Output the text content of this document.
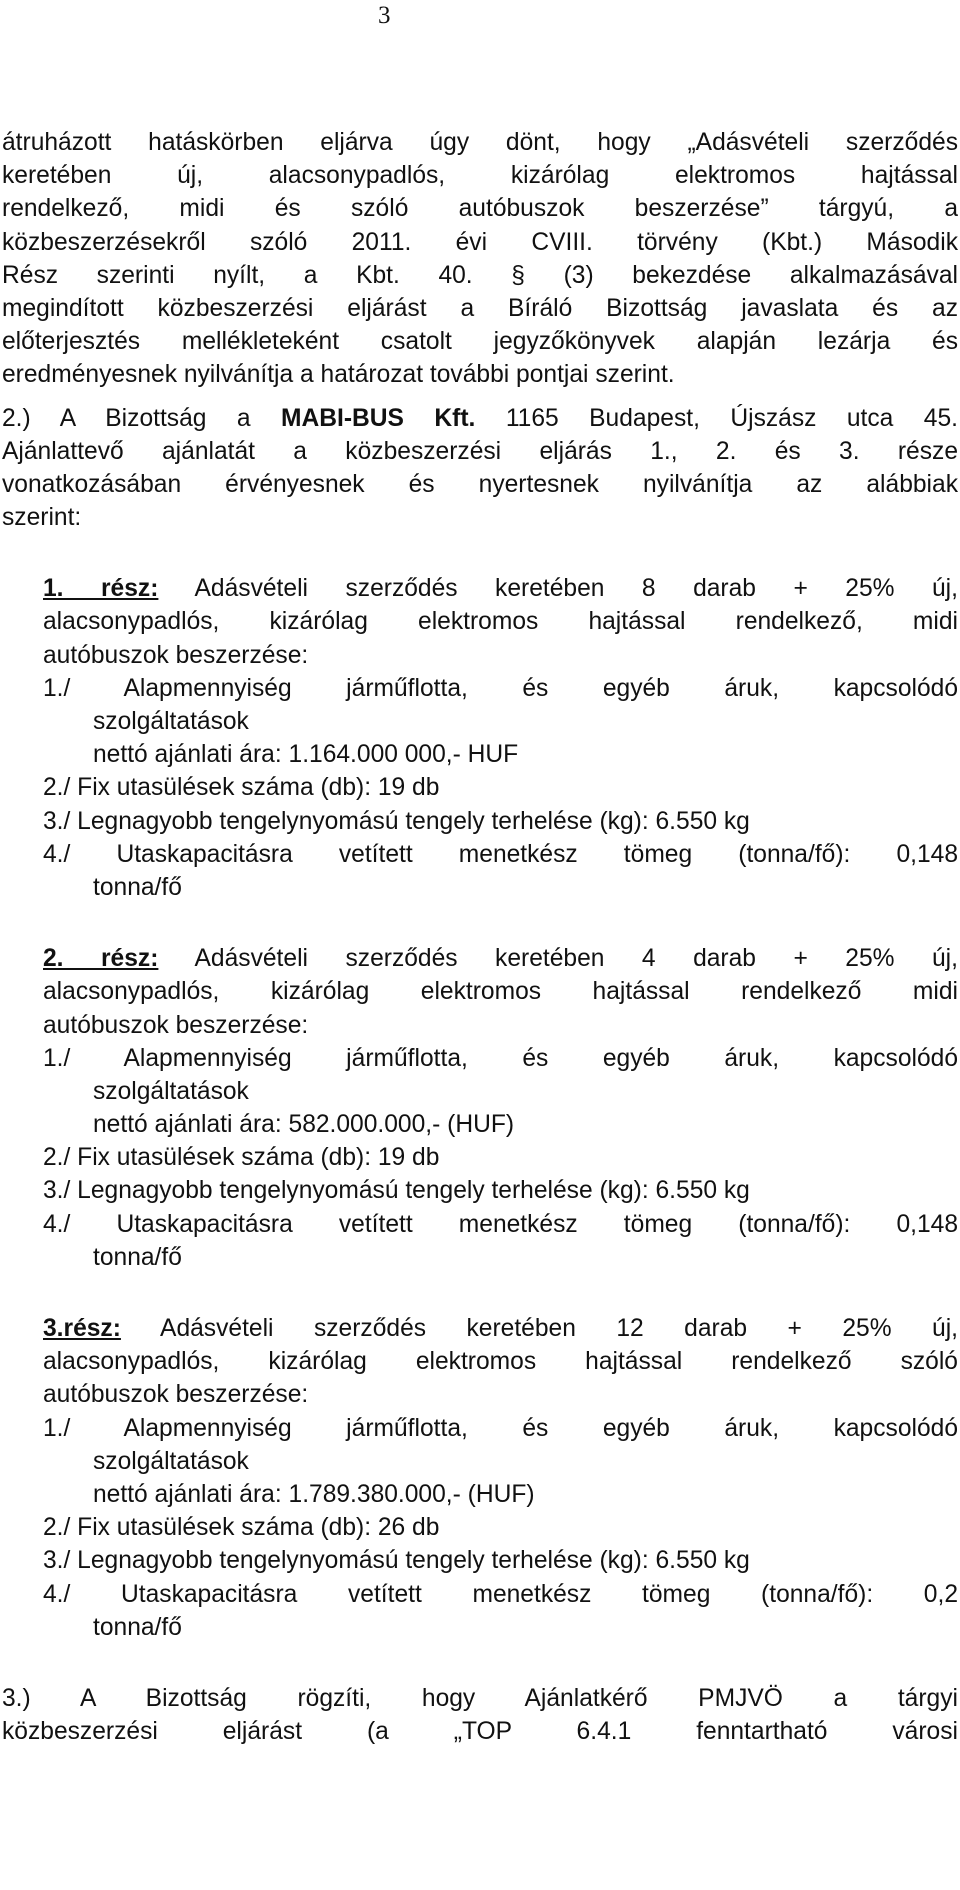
3
átruházott hatáskörben eljárva úgy dönt, hogy „Adásvételi szerződés
keretében új, alacsonypadlós, kizárólag elektromos hajtással
rendelkező, midi és szóló autóbuszok beszerzése” tárgyú, a
közbeszerzésekről szóló 2011. évi CVIII. törvény (Kbt.) Második
Rész szerinti nyílt, a Kbt. 40. § (3) bekezdése alkalmazásával
megindított közbeszerzési eljárást a Bíráló Bizottság javaslata és az
előterjesztés mellékleteként csatolt jegyzőkönyvek alapján lezárja és
eredményesnek nyilvánítja a határozat további pontjai szerint.
2.) A Bizottság a MABI-BUS Kft. 1165 Budapest, Újszász utca 45.
Ajánlattevő ajánlatát a közbeszerzési eljárás 1., 2. és 3. része
vonatkozásában érvényesnek és nyertesnek nyilvánítja az alábbiak
szerint:
1. rész: Adásvételi szerződés keretében 8 darab + 25% új,
alacsonypadlós, kizárólag elektromos hajtással rendelkező, midi
autóbuszok beszerzése:
1./ Alapmennyiség járműflotta, és egyéb áruk, kapcsolódó
szolgáltatások
nettó ajánlati ára: 1.164.000 000,- HUF
2./ Fix utasülések száma (db): 19 db
3./ Legnagyobb tengelynyomású tengely terhelése (kg): 6.550 kg
4./ Utaskapacitásra vetített menetkész tömeg (tonna/fő): 0,148
tonna/fő
2. rész: Adásvételi szerződés keretében 4 darab + 25% új,
alacsonypadlós, kizárólag elektromos hajtással rendelkező midi
autóbuszok beszerzése:
1./ Alapmennyiség járműflotta, és egyéb áruk, kapcsolódó
szolgáltatások
nettó ajánlati ára: 582.000.000,- (HUF)
2./ Fix utasülések száma (db): 19 db
3./ Legnagyobb tengelynyomású tengely terhelése (kg): 6.550 kg
4./ Utaskapacitásra vetített menetkész tömeg (tonna/fő): 0,148
tonna/fő
3.rész: Adásvételi szerződés keretében 12 darab + 25% új,
alacsonypadlós, kizárólag elektromos hajtással rendelkező szóló
autóbuszok beszerzése:
1./ Alapmennyiség járműflotta, és egyéb áruk, kapcsolódó
szolgáltatások
nettó ajánlati ára: 1.789.380.000,- (HUF)
2./ Fix utasülések száma (db): 26 db
3./ Legnagyobb tengelynyomású tengely terhelése (kg): 6.550 kg
4./ Utaskapacitásra vetített menetkész tömeg (tonna/fő): 0,2
tonna/fő
3.) A Bizottság rögzíti, hogy Ajánlatkérő PMJVÖ a tárgyi
közbeszerzési eljárást (a „TOP 6.4.1 fenntartható városi
